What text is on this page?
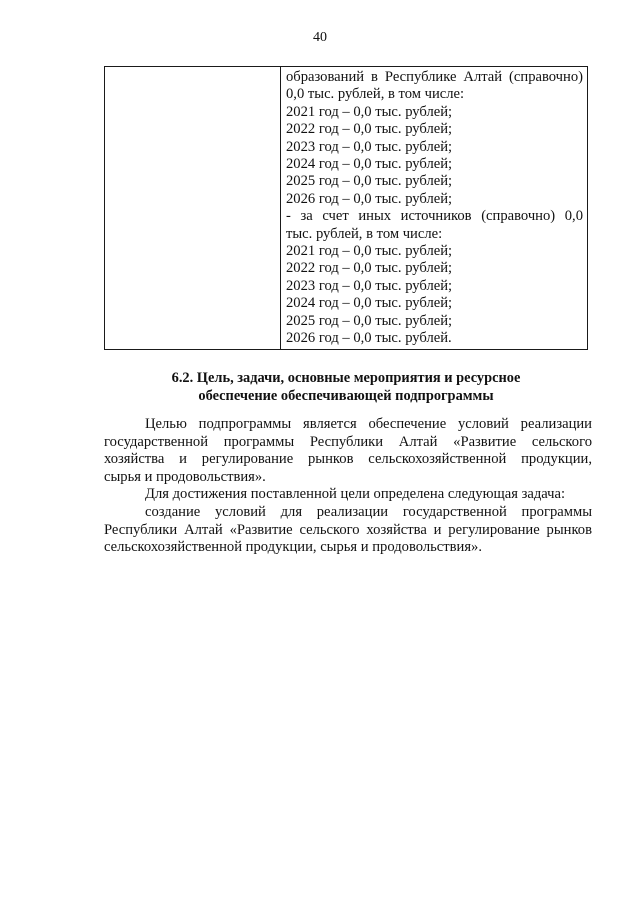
40
образований в Республике Алтай (справочно)
0,0 тыс. рублей, в том числе:
2021 год – 0,0 тыс. рублей;
2022 год – 0,0 тыс. рублей;
2023 год – 0,0 тыс. рублей;
2024 год – 0,0 тыс. рублей;
2025 год – 0,0 тыс. рублей;
2026 год – 0,0 тыс. рублей;
- за счет иных источников (справочно) 0,0
тыс. рублей, в том числе:
2021 год – 0,0 тыс. рублей;
2022 год – 0,0 тыс. рублей;
2023 год – 0,0 тыс. рублей;
2024 год – 0,0 тыс. рублей;
2025 год – 0,0 тыс. рублей;
2026 год – 0,0 тыс. рублей.
6.2. Цель, задачи, основные мероприятия и ресурсное
обеспечение обеспечивающей подпрограммы
Целью подпрограммы является обеспечение условий реализации
государственной программы Республики Алтай «Развитие сельского
хозяйства и регулирование рынков сельскохозяйственной продукции,
сырья и продовольствия».
Для достижения поставленной цели определена следующая задача:
создание условий для реализации государственной программы
Республики Алтай «Развитие сельского хозяйства и регулирование рынков
сельскохозяйственной продукции, сырья и продовольствия».
